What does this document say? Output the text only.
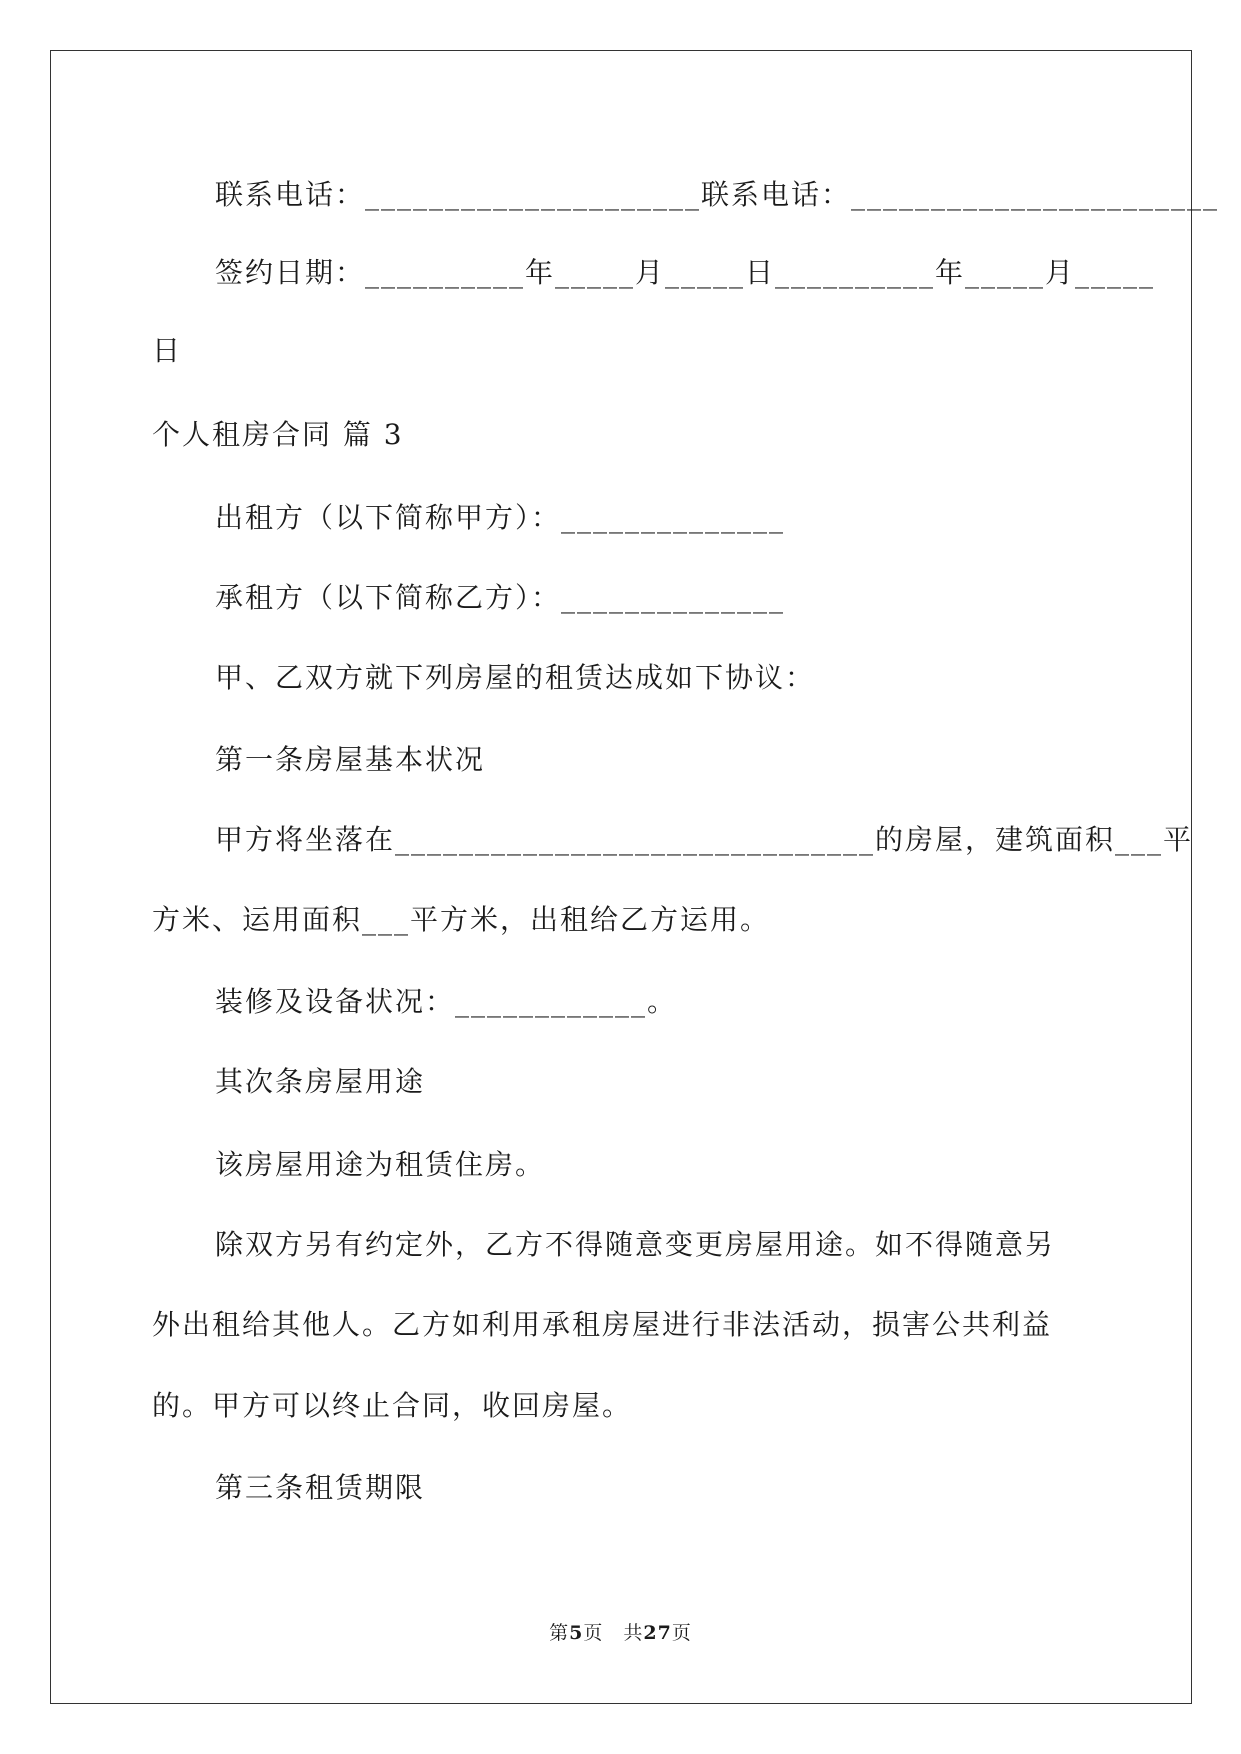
联系电话：_____________________联系电话：_______________________
签约日期：__________年_____月_____日__________年_____月_____
日
个人租房合同 篇 3
出租方（以下简称甲方）：______________
承租方（以下简称乙方）：______________
甲、乙双方就下列房屋的租赁达成如下协议：
第一条房屋基本状况
甲方将坐落在______________________________的房屋，建筑面积___平
方米、运用面积___平方米，出租给乙方运用。
装修及设备状况：____________。
其次条房屋用途
该房屋用途为租赁住房。
除双方另有约定外，乙方不得随意变更房屋用途。如不得随意另
外出租给其他人。乙方如利用承租房屋进行非法活动，损害公共利益
的。甲方可以终止合同，收回房屋。
第三条租赁期限
第5页　共27页
